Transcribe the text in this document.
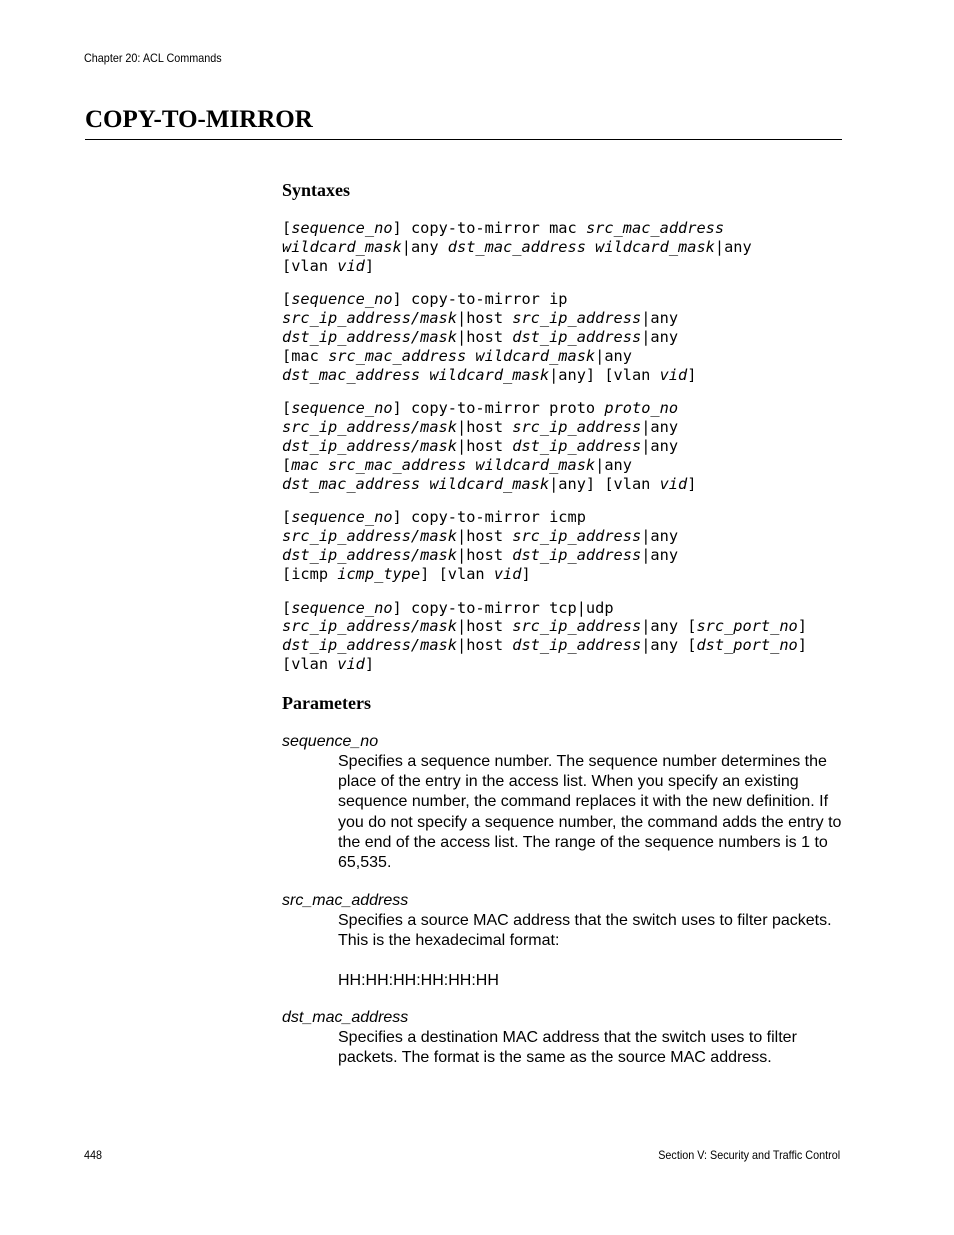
Chapter 20: ACL Commands
COPY-TO-MIRROR
Syntaxes
[sequence_no] copy-to-mirror mac src_mac_address
wildcard_mask|any dst_mac_address wildcard_mask|any
[vlan vid]
[sequence_no] copy-to-mirror ip
src_ip_address/mask|host src_ip_address|any
dst_ip_address/mask|host dst_ip_address|any
[mac src_mac_address wildcard_mask|any
dst_mac_address wildcard_mask|any] [vlan vid]
[sequence_no] copy-to-mirror proto proto_no
src_ip_address/mask|host src_ip_address|any
dst_ip_address/mask|host dst_ip_address|any
[mac src_mac_address wildcard_mask|any
dst_mac_address wildcard_mask|any] [vlan vid]
[sequence_no] copy-to-mirror icmp
src_ip_address/mask|host src_ip_address|any
dst_ip_address/mask|host dst_ip_address|any
[icmp icmp_type] [vlan vid]
[sequence_no] copy-to-mirror tcp|udp
src_ip_address/mask|host src_ip_address|any [src_port_no]
dst_ip_address/mask|host dst_ip_address|any [dst_port_no]
[vlan vid]
Parameters
sequence_no
Specifies a sequence number. The sequence number determines the place of the entry in the access list. When you specify an existing sequence number, the command replaces it with the new definition. If you do not specify a sequence number, the command adds the entry to the end of the access list. The range of the sequence numbers is 1 to 65,535.
src_mac_address
Specifies a source MAC address that the switch uses to filter packets. This is the hexadecimal format:
HH:HH:HH:HH:HH:HH
dst_mac_address
Specifies a destination MAC address that the switch uses to filter packets. The format is the same as the source MAC address.
448	Section V: Security and Traffic Control
